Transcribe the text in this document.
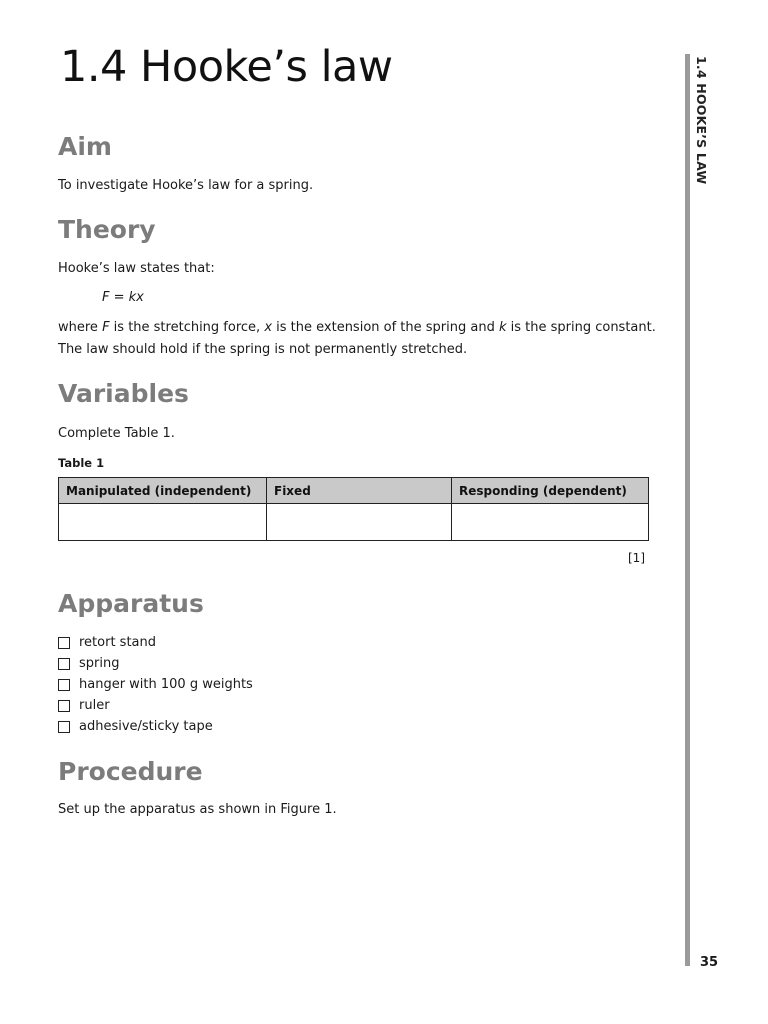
1.4 Hooke’s law	1.4 HOOKE’S LAW
Aim

To investigate Hooke’s law for a spring.

Theory

Hooke’s law states that:

F = kx

where F is the stretching force, x is the extension of the spring and k is the spring constant.
The law should hold if the spring is not permanently stretched.

Variables

Complete Table 1.

Table 1
Manipulated (independent)	Fixed	Responding (dependent)

[1]
Apparatus
retort stand
spring
hanger with 100 g weights
ruler
adhesive/sticky tape
Procedure

Set up the apparatus as shown in Figure 1.

35
